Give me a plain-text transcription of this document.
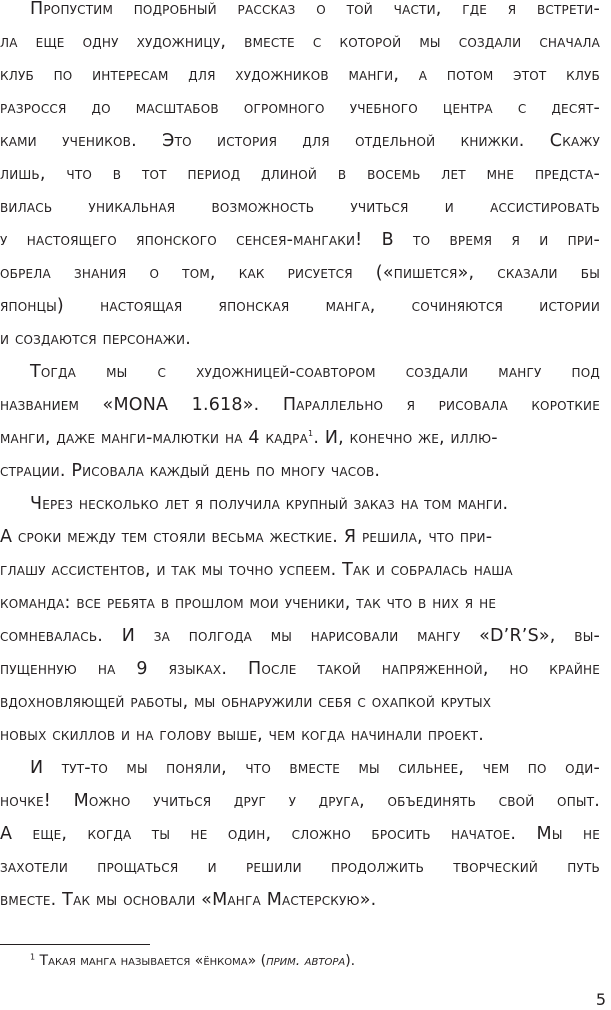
Пропустим подробный рассказ о той части, где я встрети-
ла еще одну художницу, вместе с которой мы создали сначала
клуб по интересам для художников манги, а потом этот клуб
разросся до масштабов огромного учебного центра с десят-
ками учеников. Это история для отдельной книжки. Скажу
лишь, что в тот период длиной в восемь лет мне предста-
вилась уникальная возможность учиться и ассистировать
у настоящего японского сенсея-мангаки! В то время я и при-
обрела знания о том, как рисуется («пишется», сказали бы
японцы) настоящая японская манга, сочиняются истории
и создаются персонажи.
Тогда мы с художницей-соавтором создали мангу под
названием «MONA 1.618». Параллельно я рисовала короткие
манги, даже манги-малютки на 4 кадра$^1$. И, конечно же, иллю-
страции. Рисовала каждый день по многу часов.
Через несколько лет я получила крупный заказ на том манги.
А сроки между тем стояли весьма жесткие. Я решила, что при-
глашу ассистентов, и так мы точно успеем. Так и собралась наша
команда: все ребята в прошлом мои ученики, так что в них я не
сомневалась. И за полгода мы нарисовали мангу «D’R’S», вы-
пущенную на 9 языках. После такой напряженной, но крайне
вдохновляющей работы, мы обнаружили себя с охапкой крутых
новых скиллов и на голову выше, чем когда начинали проект.
И тут-то мы поняли, что вместе мы сильнее, чем по оди-
ночке! Можно учиться друг у друга, объединять свой опыт.
А еще, когда ты не один, сложно бросить начатое. Мы не
захотели прощаться и решили продолжить творческий путь
вместе. Так мы основали «Манга Мастерскую».
$^1$ Такая манга называется «ёнкома» (прим. автора).
5
